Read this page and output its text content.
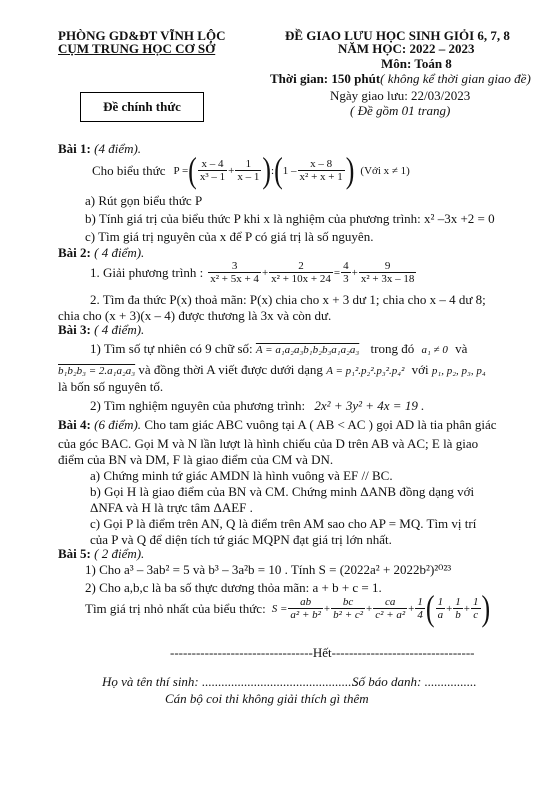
PHÒNG GD&ĐT VĨNH LỘC
CỤM TRUNG HỌC CƠ SỞ
ĐỀ GIAO LƯU HỌC SINH GIỎI 6, 7, 8
NĂM HỌC: 2022 – 2023
Môn: Toán 8
Thời gian: 150 phút( không kể thời gian giao đề)
Ngày giao lưu: 22/03/2023
( Đề gồm 01 trang)
Đề chính thức
Bài 1: (4 điểm).
Cho biểu thức P = ( $\frac{x - 4}{\text{x³ – 1}} + \frac{1}{x - 1}$ ) : ( $1 - \frac{x - 8}{\text{x² + x + 1}}$ ) (Với x ≠ 1)
a) Rút gọn biểu thức P
b) Tính giá trị của biểu thức P khi x là nghiệm của phương trình: x² –3x +2 = 0
c) Tìm giá trị nguyên của x để P có giá trị là số nguyên.
Bài 2: ( 4 điểm).
1. Giải phương trình : $\frac{3}{\text{x² + 5x + 4}} + \frac{2}{\text{x² + 10x + 24}} = \frac{4}{3} + \frac{9}{\text{x² + 3x – 18}}$
2. Tìm đa thức P(x) thoả mãn: P(x) chia cho x + 3 dư 1; chia cho x – 4 dư 8;
chia cho (x + 3)(x – 4) được thương là 3x và còn dư.
Bài 3: ( 4 điểm).
1) Tìm số tự nhiên có 9 chữ số: A = a₁a₂a₃b₁b₂b₃a₁a₂a₃ trong đó a₁ ≠ 0 và
b₁b₂b₃ = 2.a₁a₂a₃ và đồng thời A viết được dưới dạng A = p₁².p₂².p₃².p₄² với p₁, p₂, p₃, p₄
là bốn số nguyên tố.
2) Tìm nghiệm nguyên của phương trình: 2x² + 3y² + 4x = 19 .
Bài 4: (6 điểm). Cho tam giác ABC vuông tại A ( AB < AC ) gọi AD là tia phân giác
của góc BAC. Gọi M và N lần lượt là hình chiếu của D trên AB và AC; E là giao
điểm của BN và DM, F là giao điểm của CM và DN.
a) Chứng minh tứ giác AMDN là hình vuông và EF // BC.
b) Gọi H là giao điểm của BN và CM. Chứng minh ΔANB đồng dạng với
ΔNFA và H là trực tâm ΔAEF .
c) Gọi P là điểm trên AN, Q là điểm trên AM sao cho AP = MQ. Tìm vị trí
của P và Q để diện tích tứ giác MQPN đạt giá trị lớn nhất.
Bài 5: ( 2 điểm).
1) Cho a³ – 3ab² = 5 và b³ – 3a²b = 10 . Tính S = (2022a² + 2022b²)²⁰²³
2) Cho a,b,c là ba số thực dương thỏa mãn: a + b + c = 1.
Tìm giá trị nhỏ nhất của biểu thức: $S = \frac{ab}{\text{a² + b²}} + \frac{bc}{\text{b² + c²}} + \frac{ca}{\text{c² + a²}} + \frac{1}{4}$ ( $\frac{1}{a} + \frac{1}{b} + \frac{1}{c}$ )
---------------------------------Hết---------------------------------
Họ và tên thí sinh: ................................................
Số báo danh: ................
Cán bộ coi thi không giải thích gì thêm
